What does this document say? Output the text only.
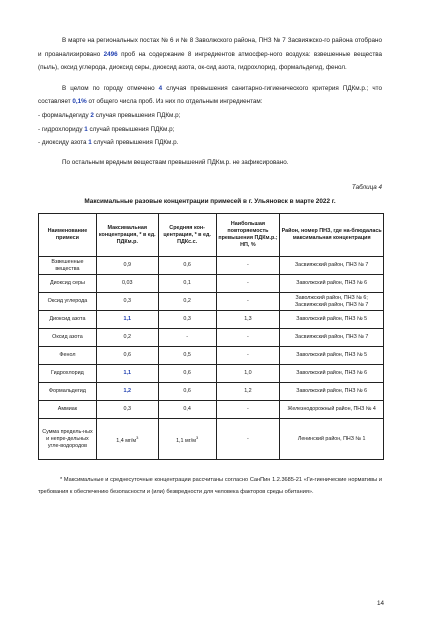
В марте на региональных постах № 6 и № 8 Заволжского района, ПНЗ № 7 Засвияжско-го района отобрано и проанализировано 2496 проб на содержание 8 ингредиентов атмосфер-ного воздуха: взвешенные вещества (пыль), оксид углерода, диоксид серы, диоксид азота, ок-сид азота, гидрохлорид, формальдегид, фенол.

В целом по городу отмечено 4 случая превышения санитарно-гигиенического критерия ПДКм.р.; что составляет 0,1% от общего числа проб. Из них по отдельным ингредиентам:

- формальдегиду 2 случая превышения ПДКм.р;
- гидрохлориду 1 случай превышения ПДКм.р;
- диоксиду азота 1 случай превышения ПДКм.р.

По остальным вредным веществам превышений ПДКм.р. не зафиксировано.

Таблица 4
Максимальные разовые концентрации примесей в г. Ульяновск в марте 2022 г.
Наименование примеси	Максимальная концентрация, * в ед. ПДКм.р.	Средняя кон-центрация, * в ед. ПДКс.с.	Наибольшая повторяемость превышения ПДКм.р.; НП, %	Район, номер ПНЗ, где на-блюдалась максимальная концентрация
Взвешенные вещества	0,9	0,6	-	Засвияжский район, ПНЗ № 7
Диоксид серы	0,03	0,1	-	Заволжский район, ПНЗ № 6
Оксид углерода	0,3	0,2	-	Заволжский район, ПНЗ № 6; Засвияжский район, ПНЗ № 7
Диоксид азота	1,1	0,3	1,3	Заволжский район, ПНЗ № 5
Оксид азота	0,2	-	-	Засвияжский район, ПНЗ № 7
Фенол	0,6	0,5	-	Заволжский район, ПНЗ № 5
Гидрохлорид	1,1	0,6	1,0	Заволжский район, ПНЗ № 6
Формальдегид	1,2	0,6	1,2	Заволжский район, ПНЗ № 6
Аммиак	0,3	0,4	-	Железнодорожный район, ПНЗ № 4
Сумма предель-ных и непре-дельных угле-водородов	1,4 $мг/м^3$	1,1 $мг/м^3$	-	Ленинский район, ПНЗ № 1

* Максимальные и среднесуточные концентрации рассчитаны согласно СанПин 1.2.3685-21 «Ги-гиенические нормативы и требования к обеспечению безопасности и (или) безвредности для человека факторов среды обитания».

14
